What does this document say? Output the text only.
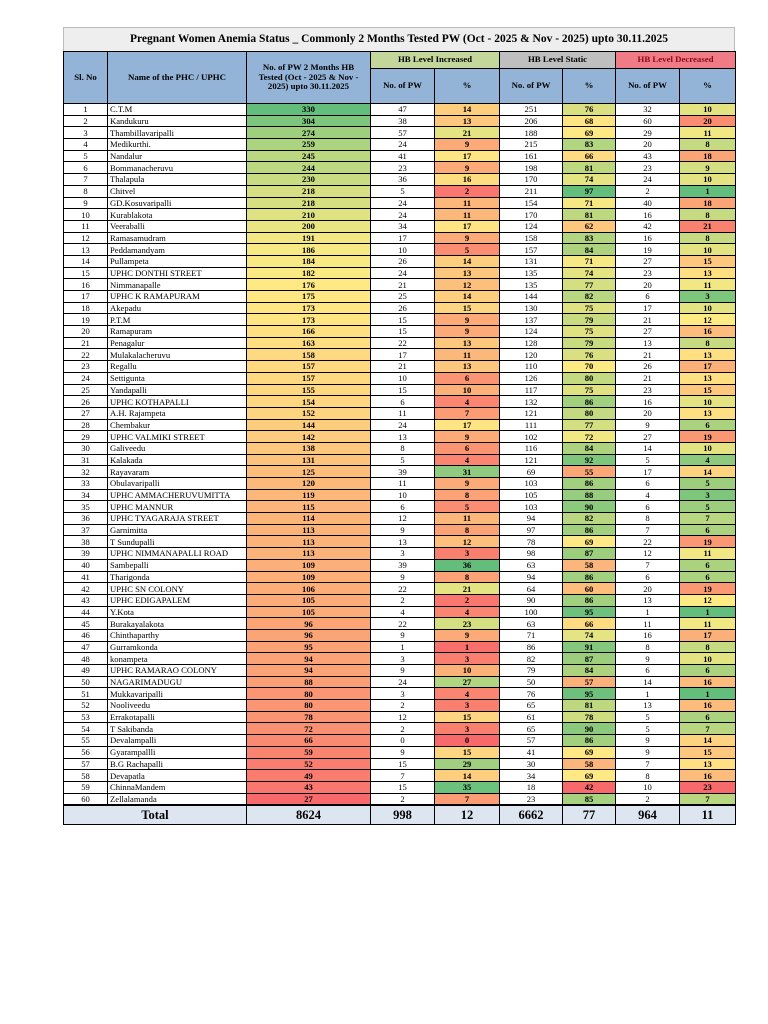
Pregnant Women Anemia Status _ Commonly 2 Months Tested PW (Oct - 2025 & Nov - 2025) upto 30.11.2025
Sl. No	Name of the PHC / UPHC	No. of PW 2 Months HB Tested (Oct - 2025 & Nov - 2025) upto 30.11.2025	HB Level Increased		HB Level Static		HB Level Decreased	
			No. of PW	%	No. of PW	%	No. of PW	%
1	C.T.M	330	47	14	251	76	32	10
2	Kandukuru	304	38	13	206	68	60	20
3	Thambillavaripalli	274	57	21	188	69	29	11
4	Medikurthi.	259	24	9	215	83	20	8
5	Nandalur	245	41	17	161	66	43	18
6	Bommanacheruvu	244	23	9	198	81	23	9
7	Thalapula	230	36	16	170	74	24	10
8	Chitvel	218	5	2	211	97	2	1
9	GD.Kosuvaripalli	218	24	11	154	71	40	18
10	Kurablakota	210	24	11	170	81	16	8
11	Veeraballi	200	34	17	124	62	42	21
12	Ramasamudram	191	17	9	158	83	16	8
13	Peddamandyam	186	10	5	157	84	19	10
14	Pullampeta	184	26	14	131	71	27	15
15	UPHC DONTHI STREET	182	24	13	135	74	23	13
16	Nimmanapalle	176	21	12	135	77	20	11
17	UPHC K RAMAPURAM	175	25	14	144	82	6	3
18	Akepadu	173	26	15	130	75	17	10
19	P.T.M	173	15	9	137	79	21	12
20	Ramapuram	166	15	9	124	75	27	16
21	Penagalur	163	22	13	128	79	13	8
22	Mulakalacheruvu	158	17	11	120	76	21	13
23	Regallu	157	21	13	110	70	26	17
24	Settigunta	157	10	6	126	80	21	13
25	Yandapalli	155	15	10	117	75	23	15
26	UPHC KOTHAPALLI	154	6	4	132	86	16	10
27	A.H. Rajampeta	152	11	7	121	80	20	13
28	Chembakur	144	24	17	111	77	9	6
29	UPHC VALMIKI STREET	142	13	9	102	72	27	19
30	Galiveedu	138	8	6	116	84	14	10
31	Kalakada	131	5	4	121	92	5	4
32	Rayavaram	125	39	31	69	55	17	14
33	Obulavaripalli	120	11	9	103	86	6	5
34	UPHC AMMACHERUVUMITTA	119	10	8	105	88	4	3
35	UPHC MANNUR	115	6	5	103	90	6	5
36	UPHC TYAGARAJA STREET	114	12	11	94	82	8	7
37	Garnimitta	113	9	8	97	86	7	6
38	T Sundupalli	113	13	12	78	69	22	19
39	UPHC NIMMANAPALLI ROAD	113	3	3	98	87	12	11
40	Sambepalli	109	39	36	63	58	7	6
41	Tharigonda	109	9	8	94	86	6	6
42	UPHC SN COLONY	106	22	21	64	60	20	19
43	UPHC EDIGAPALEM	105	2	2	90	86	13	12
44	Y.Kota	105	4	4	100	95	1	1
45	Burakayalakota	96	22	23	63	66	11	11
46	Chinthaparthy	96	9	9	71	74	16	17
47	Gurramkonda	95	1	1	86	91	8	8
48	konampeta	94	3	3	82	87	9	10
49	UPHC RAMARAO COLONY	94	9	10	79	84	6	6
50	NAGARIMADUGU	88	24	27	50	57	14	16
51	Mukkavaripalli	80	3	4	76	95	1	1
52	Nooliveedu	80	2	3	65	81	13	16
53	Errakotapalli	78	12	15	61	78	5	6
54	T Sakibanda	72	2	3	65	90	5	7
55	Devalampalli	66	0	0	57	86	9	14
56	Gyarampallli	59	9	15	41	69	9	15
57	B.G Rachapalli	52	15	29	30	58	7	13
58	Devapatla	49	7	14	34	69	8	16
59	ChinnaMandem	43	15	35	18	42	10	23
60	Zellalamanda	27	2	7	23	85	2	7
Total		8624	998	12	6662	77	964	11
